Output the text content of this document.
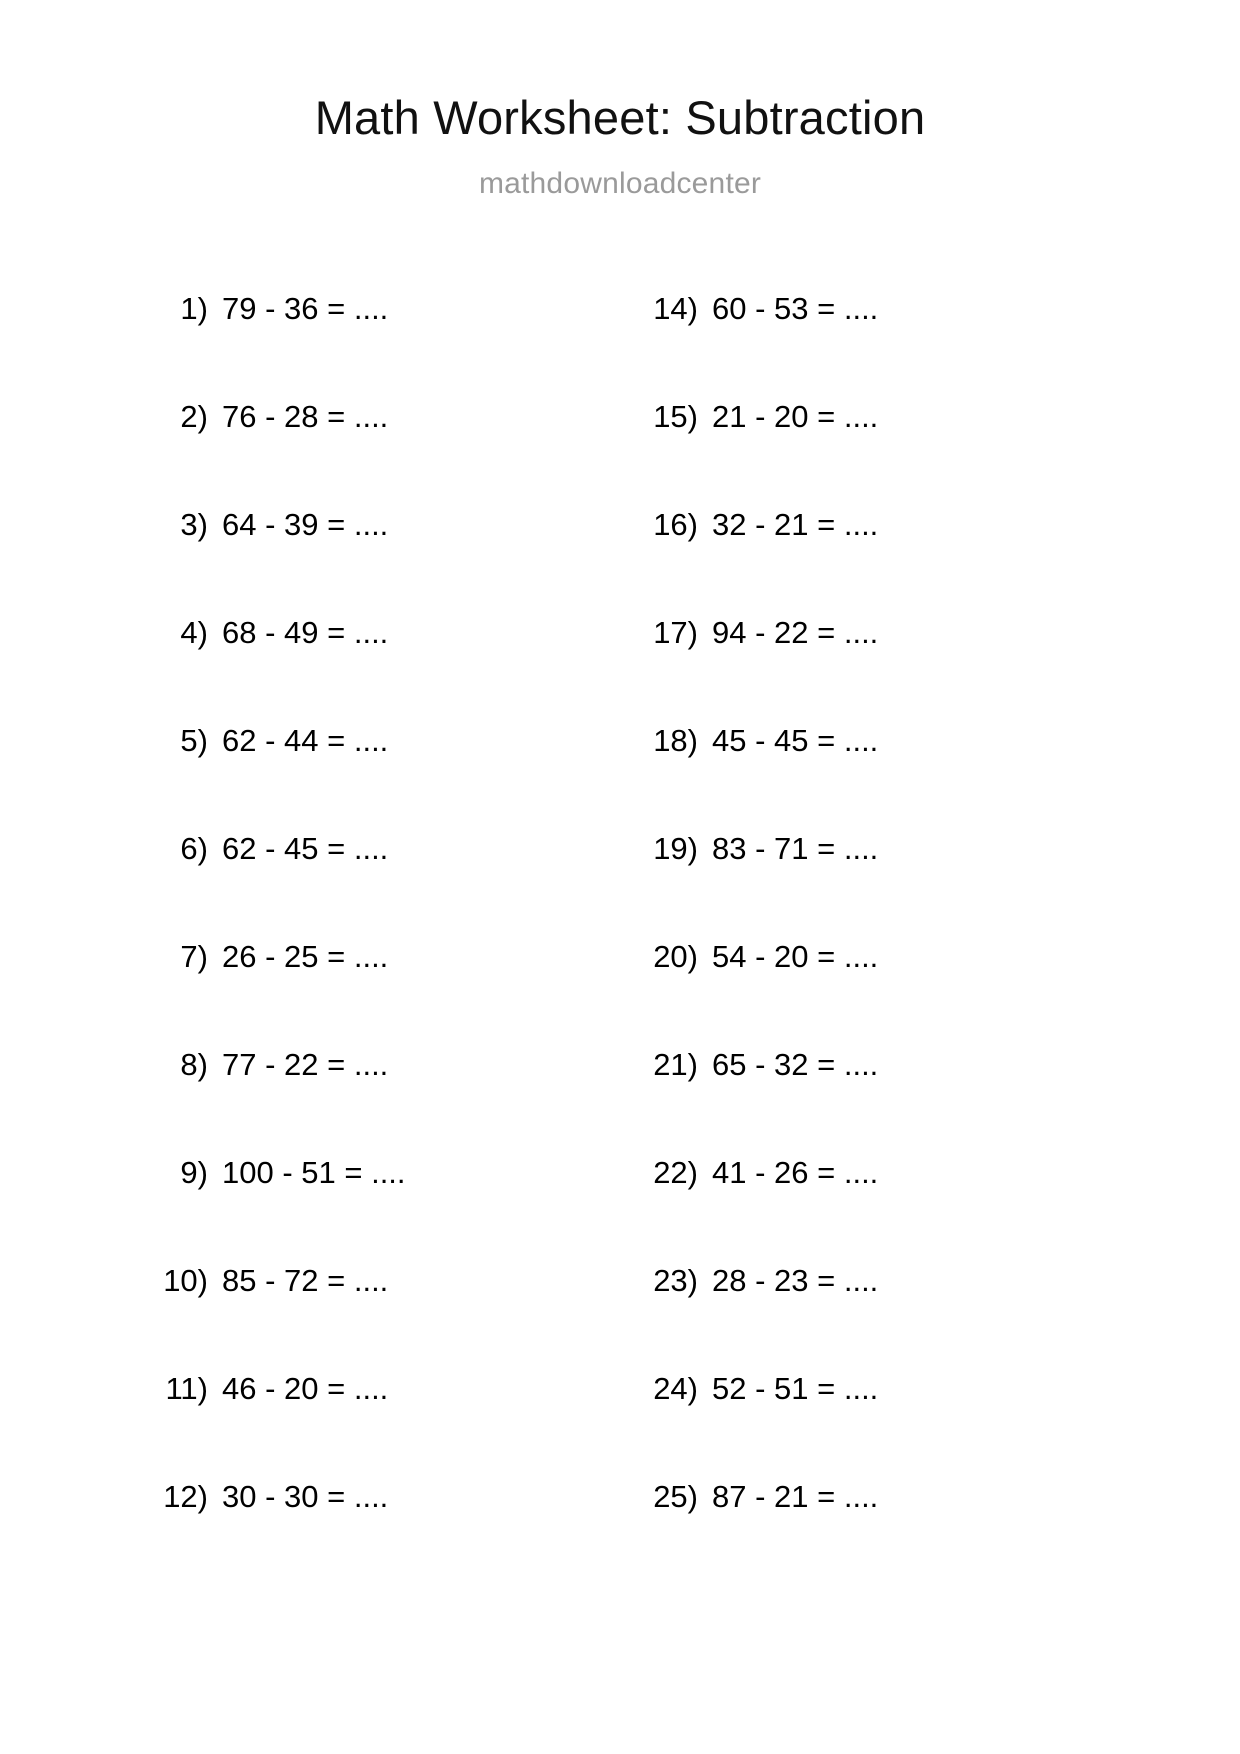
Math Worksheet: Subtraction
mathdownloadcenter
1) 79 - 36 = ....
2) 76 - 28 = ....
3) 64 - 39 = ....
4) 68 - 49 = ....
5) 62 - 44 = ....
6) 62 - 45 = ....
7) 26 - 25 = ....
8) 77 - 22 = ....
9) 100 - 51 = ....
10) 85 - 72 = ....
11) 46 - 20 = ....
12) 30 - 30 = ....
14) 60 - 53 = ....
15) 21 - 20 = ....
16) 32 - 21 = ....
17) 94 - 22 = ....
18) 45 - 45 = ....
19) 83 - 71 = ....
20) 54 - 20 = ....
21) 65 - 32 = ....
22) 41 - 26 = ....
23) 28 - 23 = ....
24) 52 - 51 = ....
25) 87 - 21 = ....
